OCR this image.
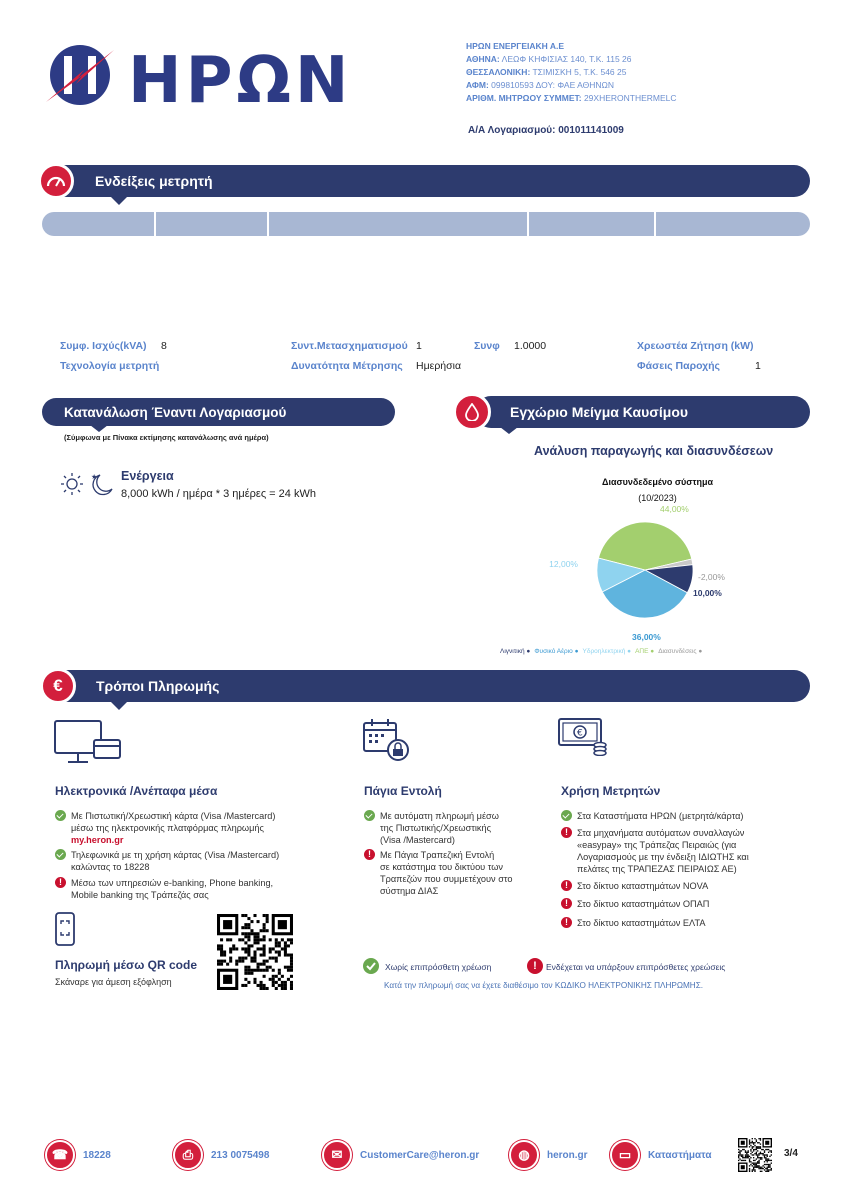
ΗΡΩΝ	ΗΡΩΝ ΕΝΕΡΓΕΙΑΚΗ Α.Ε
ΑΘΗΝΑ: ΛΕΩΦ ΚΗΦΙΣΙΑΣ 140, Τ.Κ. 115 26
ΘΕΣΣΑΛΟΝΙΚΗ: ΤΣΙΜΙΣΚΗ 5, Τ.Κ. 546 25
ΑΦΜ: 099810593 ΔΟΥ: ΦΑΕ ΑΘΗΝΩΝ
ΑΡΙΘΜ. ΜΗΤΡΩΟΥ ΣΥΜΜΕΤ: 29XHERONTHERMELC
Α/Α Λογαριασμού: 001011141009
Ενδείξεις μετρητή
Συμφ. Ισχύς(kVA) 8	Συντ.Μετασχηματισμού 1	Συνφ 1.0000	Χρεωστέα Ζήτηση (kW)
Τεχνολογία μετρητή	Δυνατότητα Μέτρησης Ημερήσια	Φάσεις Παροχής	1
Κατανάλωση Έναντι Λογαριασμού
(Σύμφωνα με Πίνακα εκτίμησης κατανάλωσης ανά ημέρα)
★ Ενέργεια
8,000 kWh / ημέρα * 3 ημέρες = 24 kWh
Εγχώριο Μείγμα Καυσίμου
Ανάλυση παραγωγής και διασυνδέσεων
Διασυνδεδεμένο σύστημα
(10/2023)
44,00%
-2,00%
10,00%
36,00%
12,00%
Λιγνιτική ● Φυσικό Αέριο ● Υδροηλεκτρική ● ΑΠΕ ● Διασυνδέσεις ●
Τρόποι Πληρωμής
€
Ηλεκτρονικά /Ανέπαφα μέσα
Με Πιστωτική/Χρεωστική κάρτα (Visa /Mastercard)
μέσω της ηλεκτρονικής πλατφόρμας πληρωμής
my.heron.gr
Τηλεφωνικά με τη χρήση κάρτας (Visa /Mastercard)
καλώντας το 18228
!
Μέσω των υπηρεσιών e-banking, Phone banking,
Mobile banking της Τράπεζάς σας
Πληρωμή μέσω QR code
Σκάναρε για άμεση εξόφληση
Πάγια Εντολή
Με αυτόματη πληρωμή μέσω
της Πιστωτικής/Χρεωστικής
(Visa /Mastercard)
!
Με Πάγια Τραπεζική Εντολή
σε κατάστημα του δικτύου των
Τραπεζών που συμμετέχουν στο
σύστημα ΔΙΑΣ
€
Χρήση Μετρητών
Στα Καταστήματα ΗΡΩΝ (μετρητά/κάρτα)
!
Στα μηχανήματα αυτόματων συναλλαγών
«easypay» της Τράπεζας Πειραιώς (για
Λογαριασμούς με την ένδειξη ΙΔΙΩΤΗΣ και
πελάτες της ΤΡΑΠΕΖΑΣ ΠΕΙΡΑΙΩΣ ΑΕ)
!
Στο δίκτυο καταστημάτων NOVA
!
Στο δίκτυο καταστημάτων ΟΠΑΠ
!
Στο δίκτυο καταστημάτων ΕΛΤΑ
Χωρίς επιπρόσθετη χρέωση	!	Ενδέχεται να υπάρξουν επιπρόσθετες χρεώσεις
Κατά την πληρωμή σας να έχετε διαθέσιμο τον ΚΩΔΙΚΟ ΗΛΕΚΤΡΟΝΙΚΗΣ ΠΛΗΡΩΜΗΣ.
☎	18228	⎙	213 0075498	✉	CustomerCare@heron.gr	◍	heron.gr	▭	Καταστήματα	3/4
